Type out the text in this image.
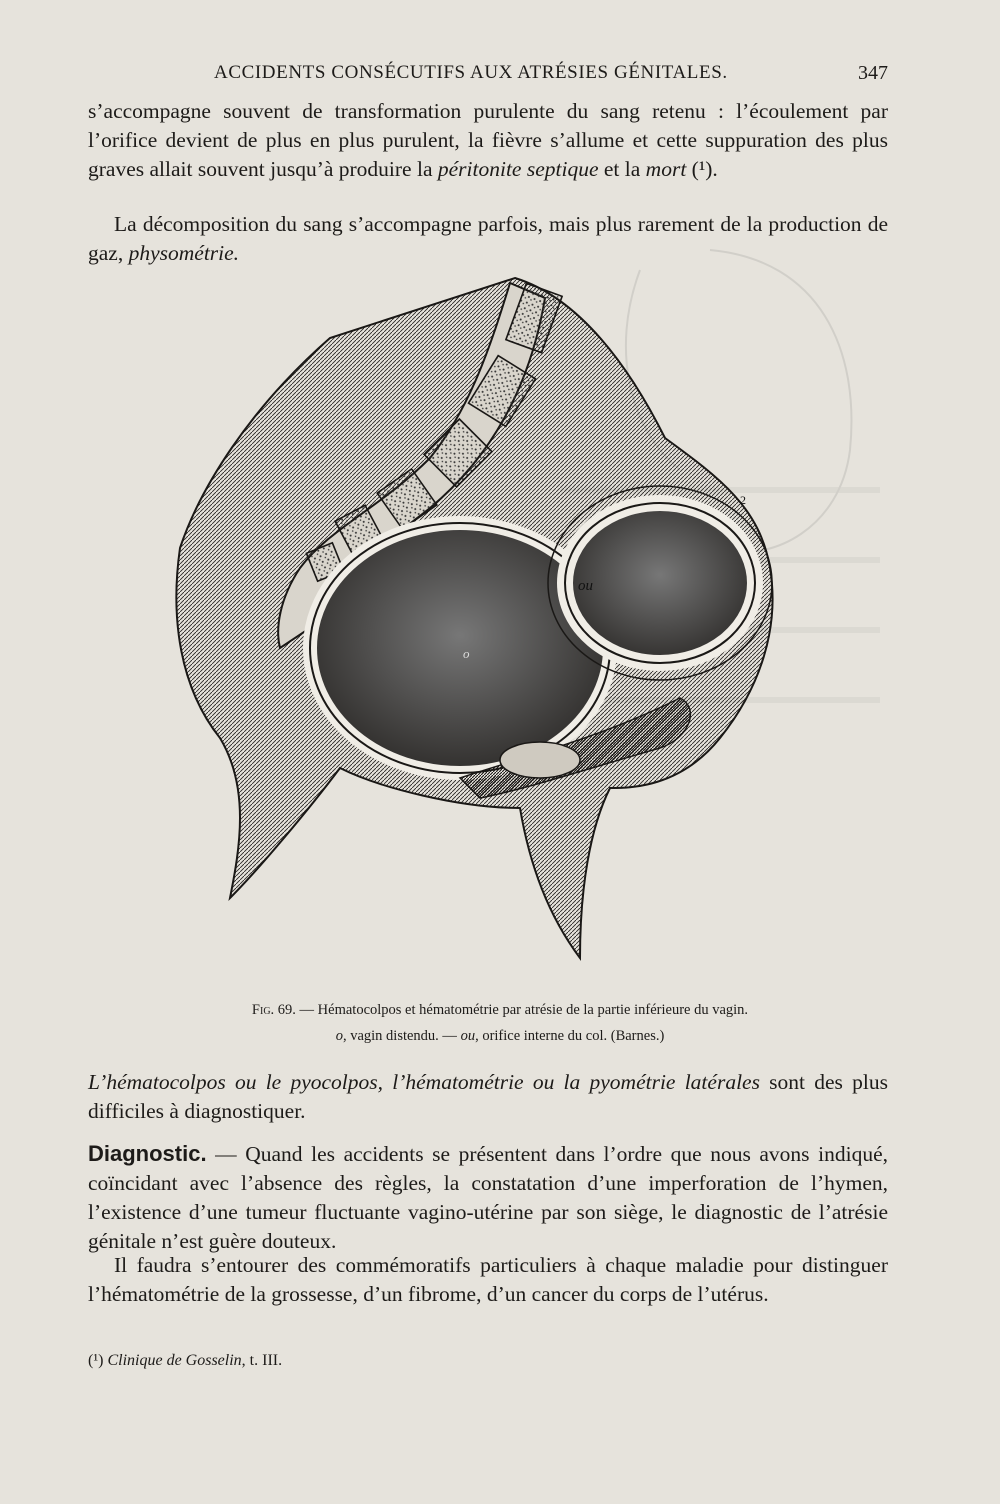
ACCIDENTS CONSÉCUTIFS AUX ATRÉSIES GÉNITALES.	347

s’accompagne souvent de transformation purulente du sang retenu : l’écoulement par l’orifice devient de plus en plus purulent, la fièvre s’allume et cette suppuration des plus graves allait souvent jusqu’à produire la péritonite septique et la mort (¹).

La décomposition du sang s’accompagne parfois, mais plus rarement de la production de gaz, physométrie.

ou
o
2

Fig. 69. — Hématocolpos et hématométrie par atrésie de la partie inférieure du vagin.

o, vagin distendu. — ou, orifice interne du col. (Barnes.)

L’hématocolpos ou le pyocolpos, l’hématométrie ou la pyométrie latérales sont des plus difficiles à diagnostiquer.

Diagnostic. — Quand les accidents se présentent dans l’ordre que nous avons indiqué, coïncidant avec l’absence des règles, la constatation d’une imperforation de l’hymen, l’existence d’une tumeur fluctuante vagino-utérine par son siège, le diagnostic de l’atrésie génitale n’est guère douteux.

Il faudra s’entourer des commémoratifs particuliers à chaque maladie pour distinguer l’hématométrie de la grossesse, d’un fibrome, d’un cancer du corps de l’utérus.

(¹) Clinique de Gosselin, t. III.
